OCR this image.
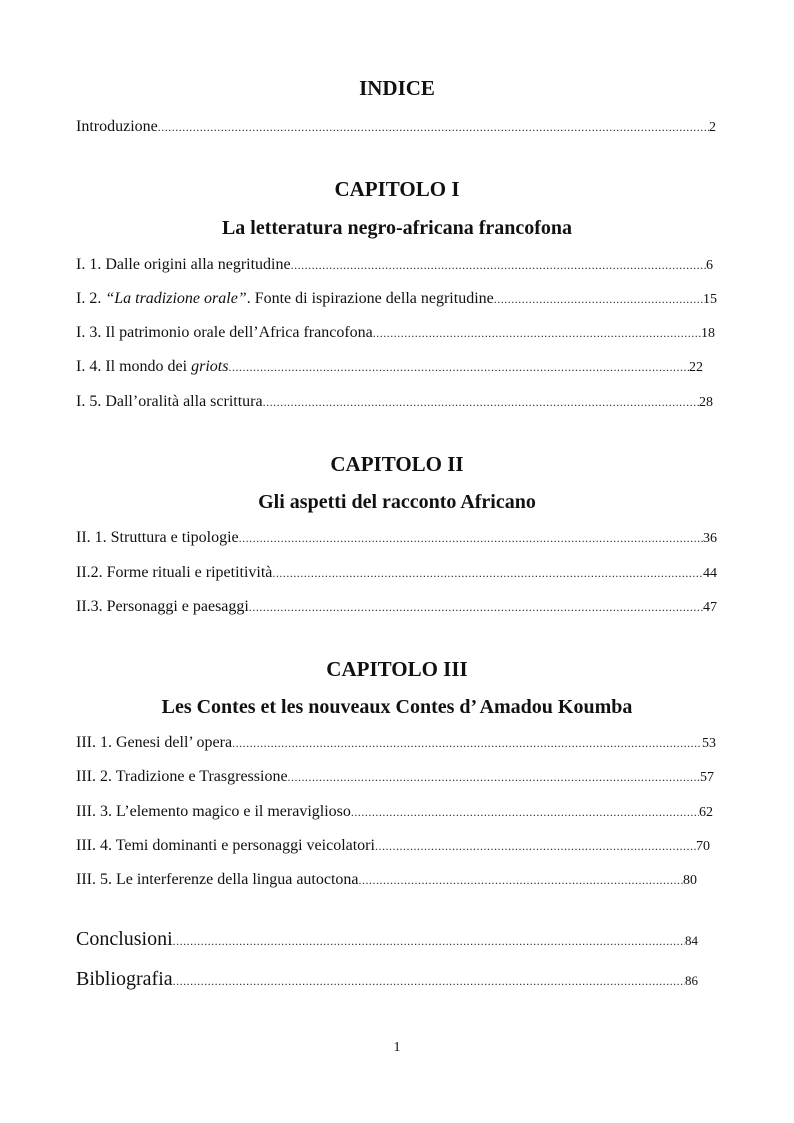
INDICE
Introduzione .....	2
CAPITOLO I
La letteratura negro-africana francofona
I. 1. Dalle origini alla negritudine .....	6
I. 2. “La tradizione orale”. Fonte di ispirazione della negritudine .....	15
I. 3. Il patrimonio orale dell’Africa francofona .....	18
I. 4. Il mondo dei griots .....	22
I. 5. Dall’oralità alla scrittura .....	28
CAPITOLO II
Gli aspetti del racconto Africano
II. 1. Struttura e tipologie .....	36
II.2. Forme rituali e ripetitività .....	44
II.3. Personaggi e paesaggi .....	47
CAPITOLO III
Les Contes et les nouveaux Contes d’ Amadou Koumba
III. 1. Genesi dell’ opera .....	53
III. 2. Tradizione e Trasgressione .....	57
III. 3. L’elemento magico e il meraviglioso .....	62
III. 4. Temi dominanti e personaggi veicolatori .....	70
III. 5. Le interferenze della lingua autoctona .....	80
Conclusioni .....	84
Bibliografia .....	86
1
